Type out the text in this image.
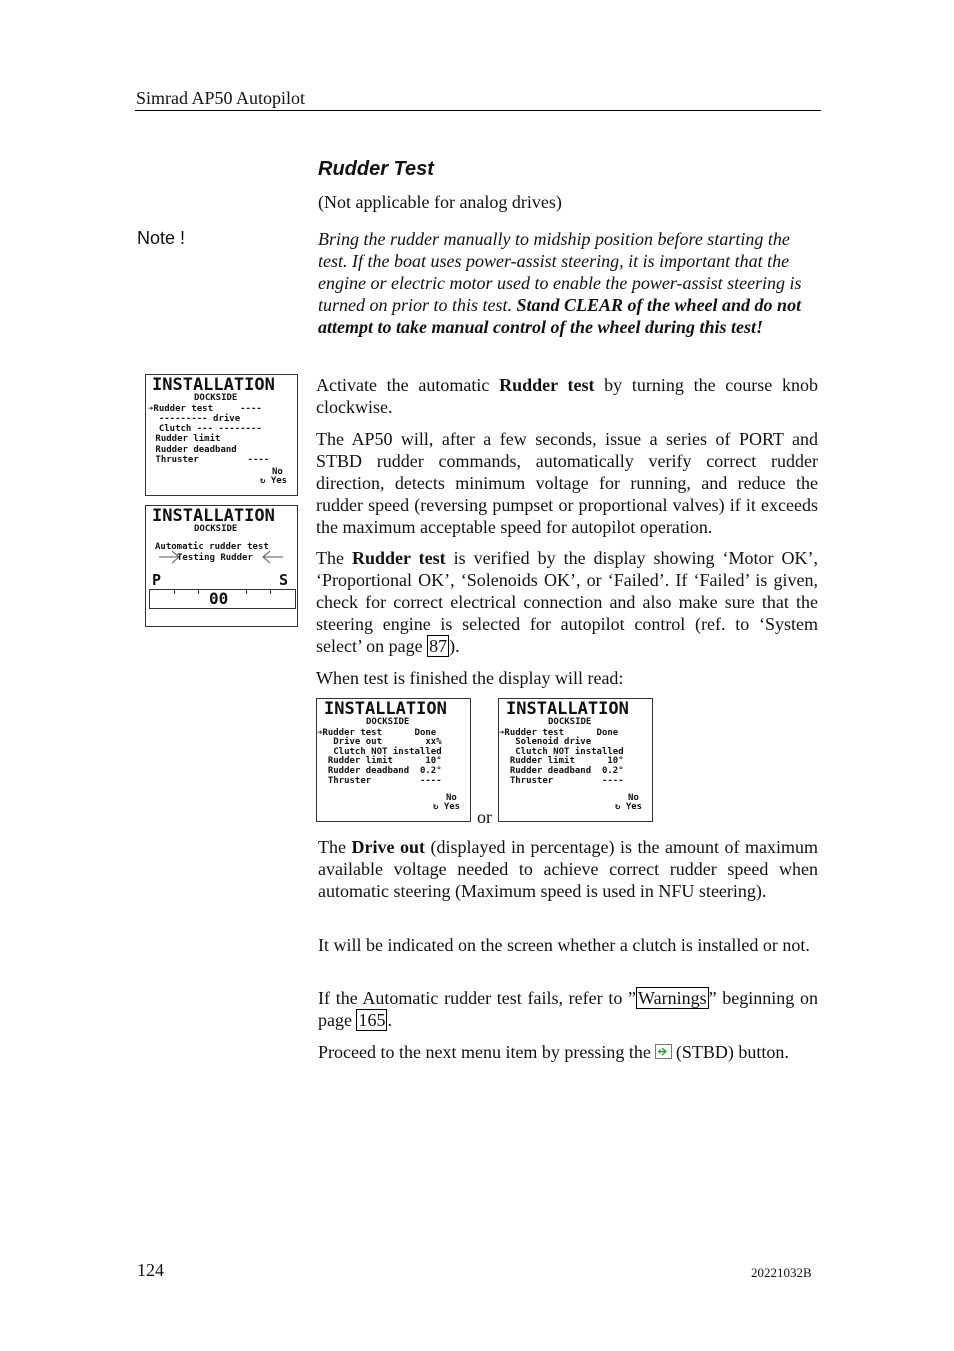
Simrad AP50 Autopilot
Rudder Test
(Not applicable for analog drives)
Note !	Bring the rudder manually to midship position before starting the test. If the boat uses power-assist steering, it is important that the engine or electric motor used to enable the power-assist steering is turned on prior to this test. Stand CLEAR of the wheel and do not attempt to take manual control of the wheel during this test!
INSTALLATION
DOCKSIDE
➔Rudder test     ----
--------- drive
Clutch --- --------
Rudder limit
Rudder deadband
Thruster         ----
No
↻ Yes
INSTALLATION
DOCKSIDE
Automatic rudder test
Testing Rudder
P	S
00
Activate the automatic Rudder test by turning the course knob clockwise.
The AP50 will, after a few seconds, issue a series of PORT and STBD rudder commands, automatically verify correct rudder direction, detects minimum voltage for running, and reduce the rudder speed (reversing pumpset or proportional valves) if it exceeds the maximum acceptable speed for autopilot operation.
The Rudder test is verified by the display showing ‘Motor OK’, ‘Proportional OK’, ‘Solenoids OK’, or ‘Failed’. If ‘Failed’ is given, check for correct electrical connection and also make sure that the steering engine is selected for autopilot control (ref. to ‘System select’ on page 87 ).
When test is finished the display will read:
INSTALLATION
DOCKSIDE
➔Rudder test      Done
Drive out        xx%
Clutch NOT installed
Rudder limit      10°
Rudder deadband  0.2°
Thruster         ----
No
↻ Yes or
INSTALLATION
DOCKSIDE
➔Rudder test      Done
Solenoid drive
Clutch NOT installed
Rudder limit      10°
Rudder deadband  0.2°
Thruster         ----
No
↻ Yes
The Drive out (displayed in percentage) is the amount of maximum available voltage needed to achieve correct rudder speed when automatic steering (Maximum speed is used in NFU steering).
It will be indicated on the screen whether a clutch is installed or not.
If the Automatic rudder test fails, refer to ” Warnings ” beginning on page 165 .
Proceed to the next menu item by pressing the (STBD) button.
124	20221032B
